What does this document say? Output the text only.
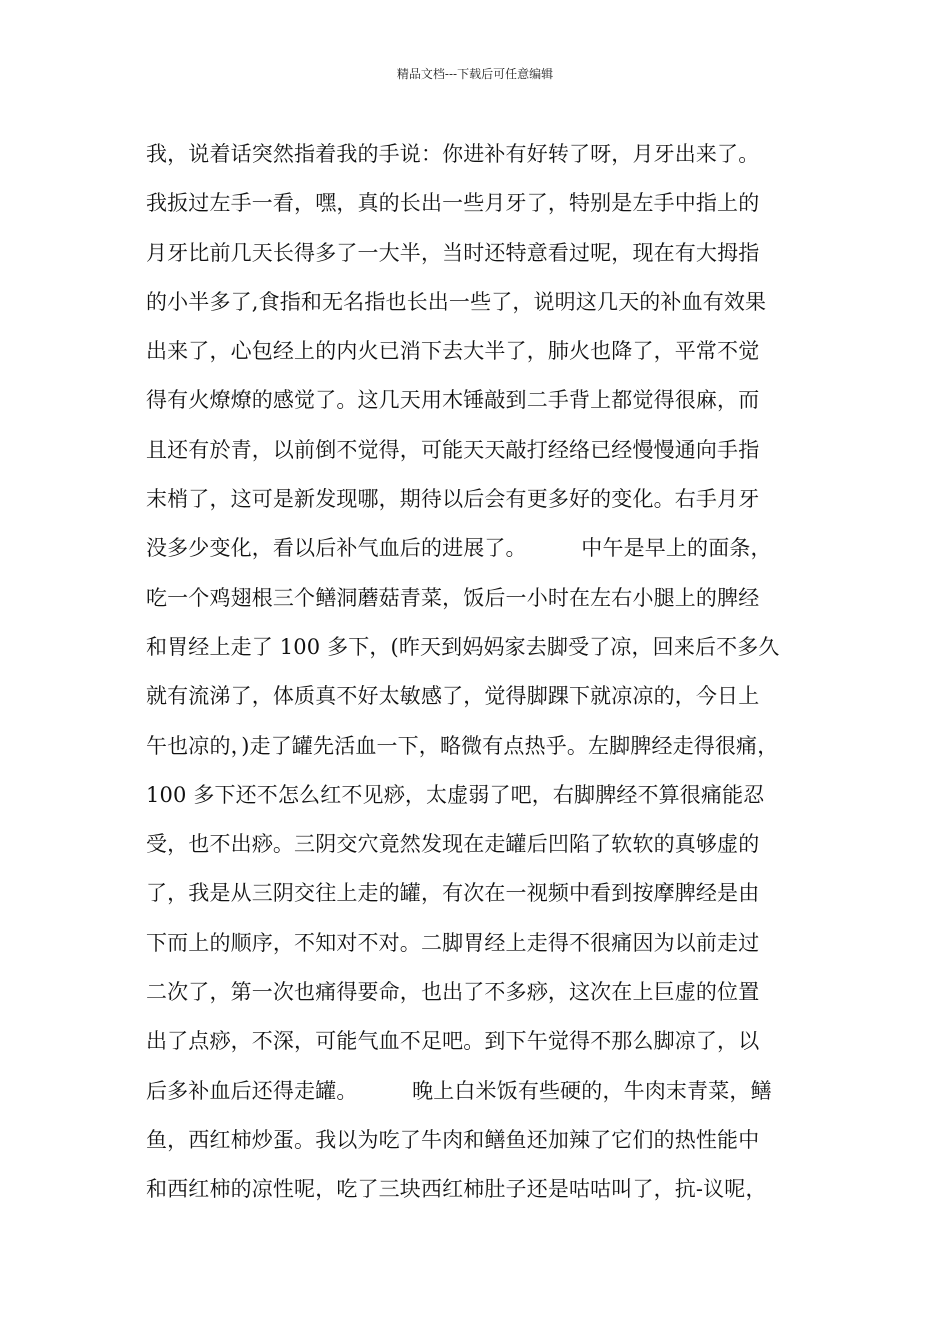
精品文档---下载后可任意编辑
我，说着话突然指着我的手说：你进补有好转了呀，月牙出来了。
我扳过左手一看，嘿，真的长出一些月牙了，特别是左手中指上的
月牙比前几天长得多了一大半，当时还特意看过呢，现在有大拇指
的小半多了,食指和无名指也长出一些了，说明这几天的补血有效果
出来了，心包经上的内火已消下去大半了，肺火也降了，平常不觉
得有火燎燎的感觉了。这几天用木锤敲到二手背上都觉得很麻，而
且还有於青，以前倒不觉得，可能天天敲打经络已经慢慢通向手指
末梢了，这可是新发现哪，期待以后会有更多好的变化。右手月牙
没多少变化，看以后补气血后的进展了。        中午是早上的面条，
吃一个鸡翅根三个鳝洞蘑菇青菜，饭后一小时在左右小腿上的脾经
和胃经上走了 100 多下，(昨天到妈妈家去脚受了凉，回来后不多久
就有流涕了，体质真不好太敏感了，觉得脚踝下就凉凉的，今日上
午也凉的，)走了罐先活血一下，略微有点热乎。左脚脾经走得很痛，
100 多下还不怎么红不见痧，太虚弱了吧，右脚脾经不算很痛能忍
受，也不出痧。三阴交穴竟然发现在走罐后凹陷了软软的真够虚的
了，我是从三阴交往上走的罐，有次在一视频中看到按摩脾经是由
下而上的顺序，不知对不对。二脚胃经上走得不很痛因为以前走过
二次了，第一次也痛得要命，也出了不多痧，这次在上巨虚的位置
出了点痧，不深，可能气血不足吧。到下午觉得不那么脚凉了，以
后多补血后还得走罐。        晚上白米饭有些硬的，牛肉末青菜，鳝
鱼，西红柿炒蛋。我以为吃了牛肉和鳝鱼还加辣了它们的热性能中
和西红柿的凉性呢，吃了三块西红柿肚子还是咕咕叫了，抗-议呢，
